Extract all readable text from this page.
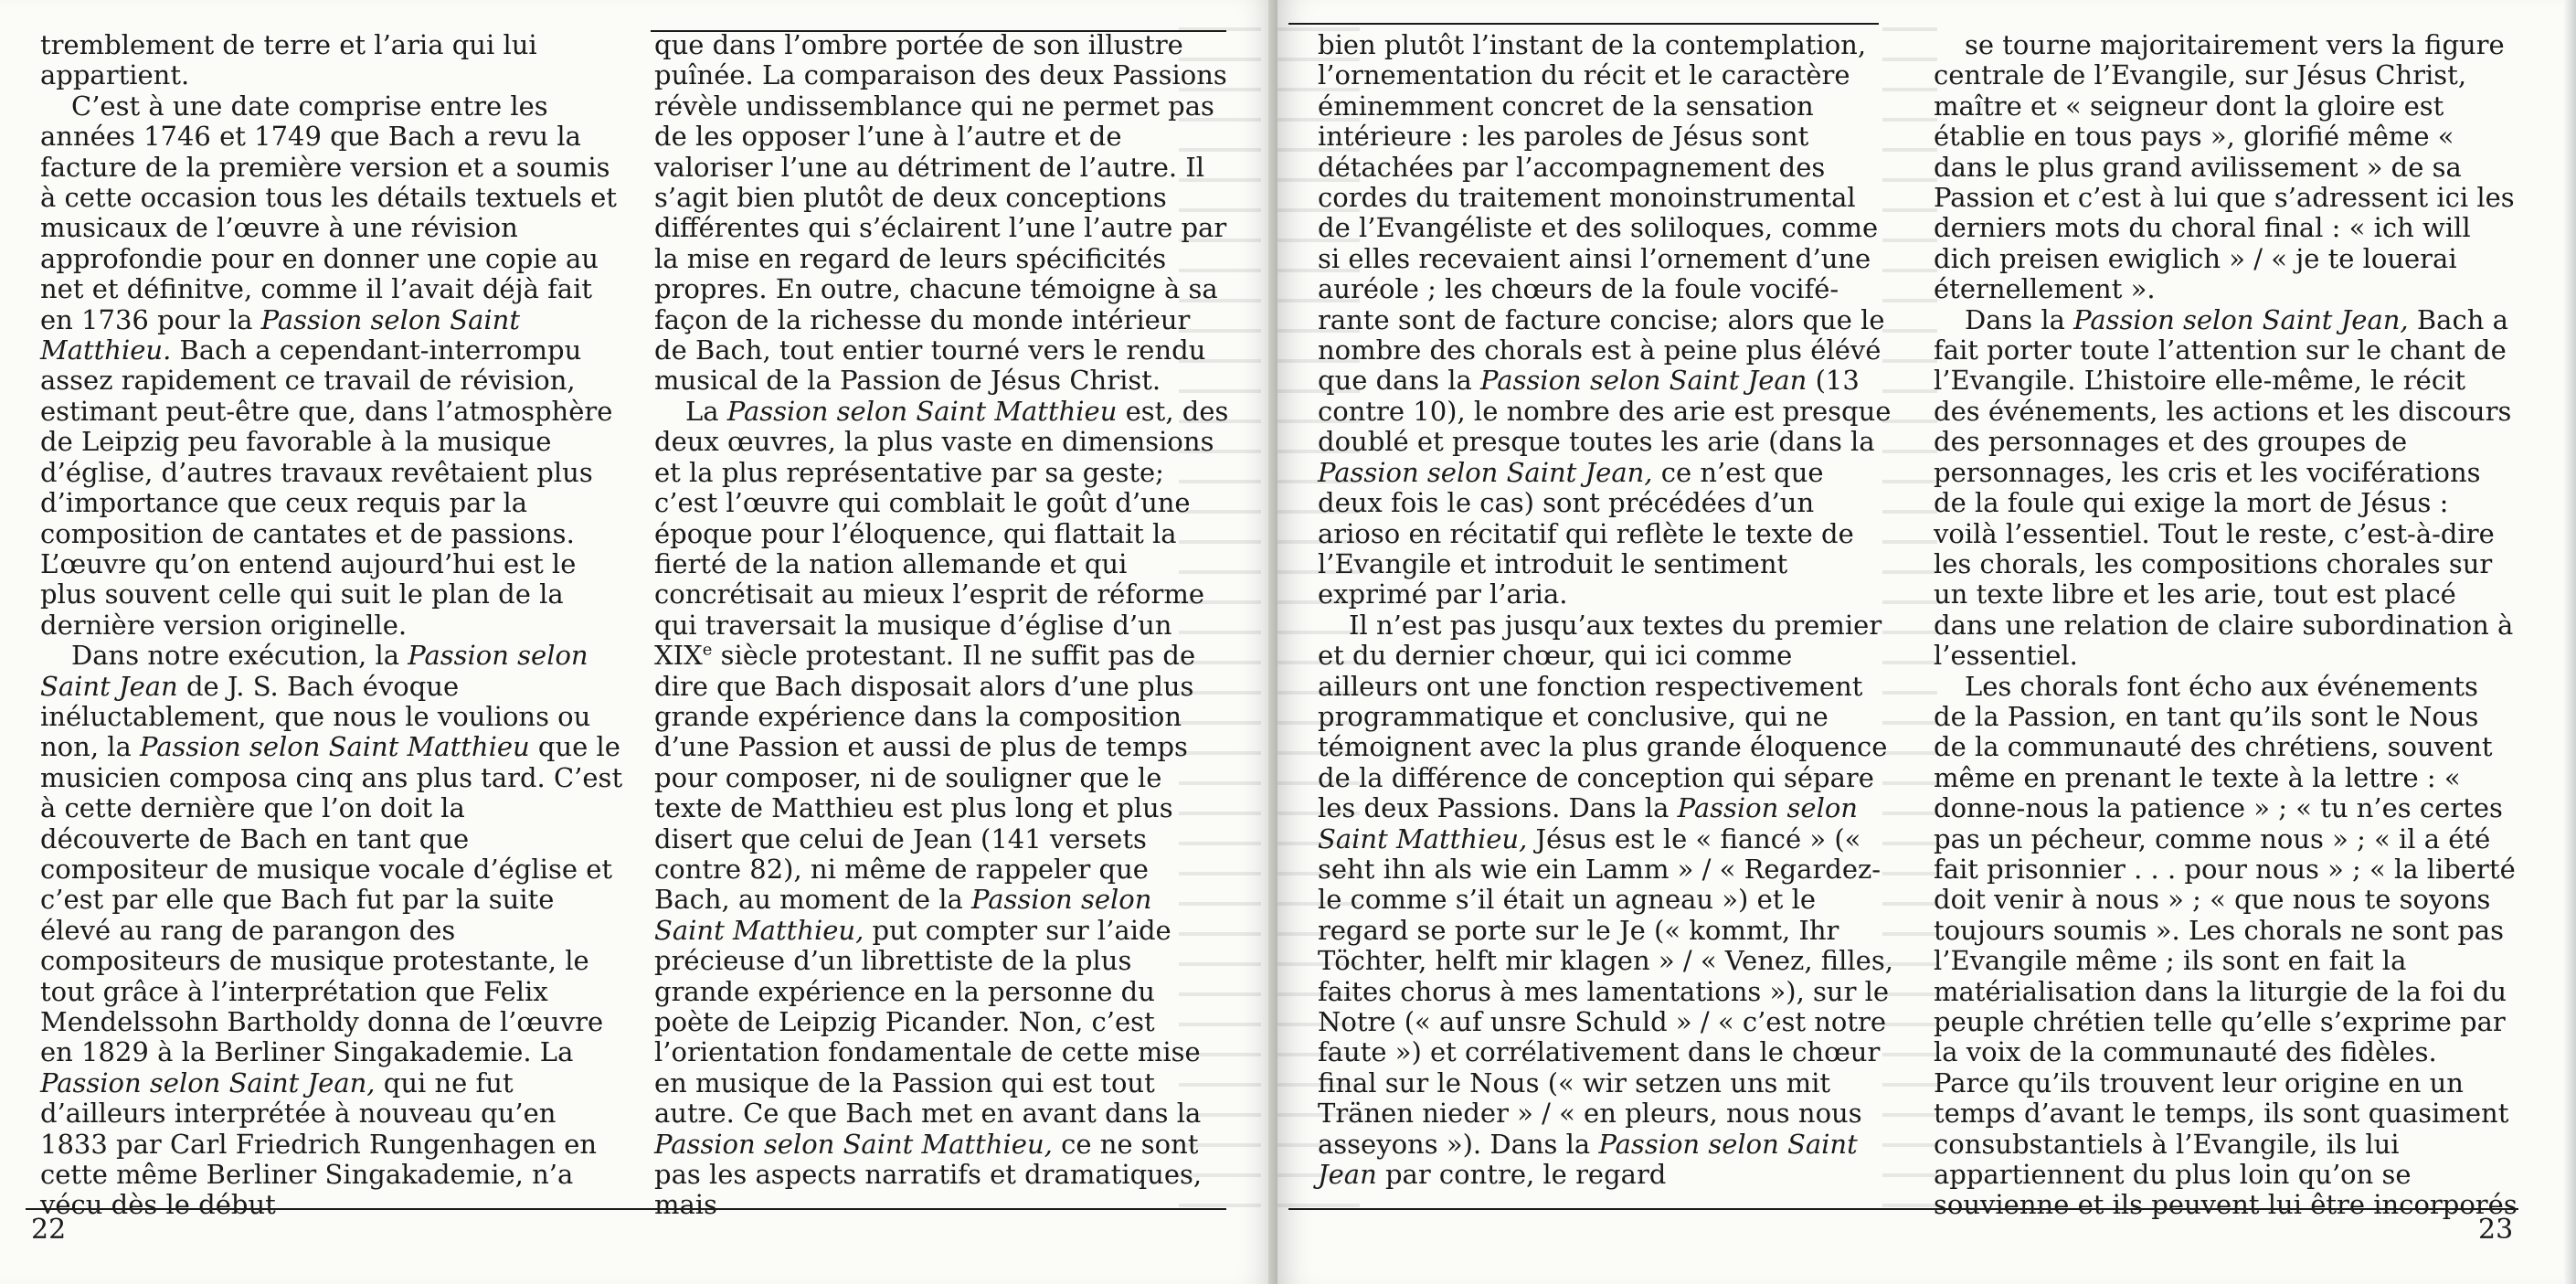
tremblement de terre et l’aria qui lui appartient.

C’est à une date comprise entre les années 1746 et 1749 que Bach a revu la facture de la première version et a soumis à cette occasion tous les détails textuels et musicaux de l’œuvre à une révision approfondie pour en donner une copie au net et définitve, comme il l’avait déjà fait en 1736 pour la Passion selon Saint Matthieu. Bach a cependant-interrompu assez rapidement ce travail de révision, estimant peut-être que, dans l’atmosphère de Leipzig peu favorable à la musique d’église, d’autres travaux revêtaient plus d’importance que ceux requis par la composition de cantates et de passions. L’œuvre qu’on entend aujourd’hui est le plus souvent celle qui suit le plan de la dernière version originelle.

Dans notre exécution, la Passion selon Saint Jean de J. S. Bach évoque inéluctablement, que nous le voulions ou non, la Passion selon Saint Matthieu que le musicien composa cinq ans plus tard. C’est à cette dernière que l’on doit la découverte de Bach en tant que compositeur de musique vocale d’église et c’est par elle que Bach fut par la suite élevé au rang de parangon des compositeurs de musique protestante, le tout grâce à l’interprétation que Felix Mendelssohn Bartholdy donna de l’œuvre en 1829 à la Berliner Singakademie. La Passion selon Saint Jean, qui ne fut d’ailleurs interprétée à nouveau qu’en 1833 par Carl Friedrich Rungenhagen en cette même Berliner Singakademie, n’a vécu dès le début

que dans l’ombre portée de son illustre puînée. La comparaison des deux Passions révèle undissemblance qui ne permet pas de les opposer l’une à l’autre et de valoriser l’une au détriment de l’autre. Il s’agit bien plutôt de deux conceptions différentes qui s’éclairent l’une l’autre par la mise en regard de leurs spécificités propres. En outre, chacune témoigne à sa façon de la richesse du monde intérieur de Bach, tout entier tourné vers le rendu musical de la Passion de Jésus Christ.

La Passion selon Saint Matthieu est, des deux œuvres, la plus vaste en dimensions et la plus représentative par sa geste; c’est l’œuvre qui comblait le goût d’une époque pour l’éloquence, qui flattait la fierté de la nation allemande et qui concrétisait au mieux l’esprit de réforme qui traversait la musique d’église d’un XIXe siècle protestant. Il ne suffit pas de dire que Bach disposait alors d’une plus grande expérience dans la composition d’une Passion et aussi de plus de temps pour composer, ni de souligner que le texte de Matthieu est plus long et plus disert que celui de Jean (141 versets contre 82), ni même de rappeler que Bach, au moment de la Passion selon Saint Matthieu, put compter sur l’aide précieuse d’un librettiste de la plus grande expérience en la personne du poète de Leipzig Picander. Non, c’est l’orientation fondamentale de cette mise en musique de la Passion qui est tout autre. Ce que Bach met en avant dans la Passion selon Saint Matthieu, ce ne sont pas les aspects narratifs et dramatiques, mais

22

bien plutôt l’instant de la contemplation, l’ornementation du récit et le caractère éminemment concret de la sensation intérieure : les paroles de Jésus sont détachées par l’accompagnement des cordes du traitement monoinstrumental de l’Evangéliste et des soliloques, comme si elles recevaient ainsi l’ornement d’une auréole ; les chœurs de la foule vociférante sont de facture concise; alors que le nombre des chorals est à peine plus élévé que dans la Passion selon Saint Jean (13 contre 10), le nombre des arie est presque doublé et presque toutes les arie (dans la Passion selon Saint Jean, ce n’est que deux fois le cas) sont précédées d’un arioso en récitatif qui reflète le texte de l’Evangile et introduit le sentiment exprimé par l’aria.

Il n’est pas jusqu’aux textes du premier et du dernier chœur, qui ici comme ailleurs ont une fonction respectivement programmatique et conclusive, qui ne témoignent avec la plus grande éloquence de la différence de conception qui sépare les deux Passions. Dans la Passion selon Saint Matthieu, Jésus est le « fiancé » (« seht ihn als wie ein Lamm » / « Regardez-le comme s’il était un agneau ») et le regard se porte sur le Je (« kommt, Ihr Töchter, helft mir klagen » / « Venez, filles, faites chorus à mes lamentations »), sur le Notre (« auf unsre Schuld » / « c’est notre faute ») et corrélativement dans le chœur final sur le Nous (« wir setzen uns mit Tränen nieder » / « en pleurs, nous nous asseyons »). Dans la Passion selon Saint Jean par contre, le regard

se tourne majoritairement vers la figure centrale de l’Evangile, sur Jésus Christ, maître et « seigneur dont la gloire est établie en tous pays », glorifié même « dans le plus grand avilissement » de sa Passion et c’est à lui que s’adressent ici les derniers mots du choral final : « ich will dich preisen ewiglich » / « je te louerai éternellement ».

Dans la Passion selon Saint Jean, Bach a fait porter toute l’attention sur le chant de l’Evangile. L’histoire elle-même, le récit des événements, les actions et les discours des personnages et des groupes de personnages, les cris et les vociférations de la foule qui exige la mort de Jésus : voilà l’essentiel. Tout le reste, c’est-à-dire les chorals, les compositions chorales sur un texte libre et les arie, tout est placé dans une relation de claire subordination à l’essentiel.

Les chorals font écho aux événements de la Passion, en tant qu’ils sont le Nous de la communauté des chrétiens, souvent même en prenant le texte à la lettre : « donne-nous la patience » ; « tu n’es certes pas un pécheur, comme nous » ; « il a été fait prisonnier . . . pour nous » ; « la liberté doit venir à nous » ; « que nous te soyons toujours soumis ». Les chorals ne sont pas l’Evangile même ; ils sont en fait la matérialisation dans la liturgie de la foi du peuple chrétien telle qu’elle s’exprime par la voix de la communauté des fidèles. Parce qu’ils trouvent leur origine en un temps d’avant le temps, ils sont quasiment consubstantiels à l’Evangile, ils lui appartiennent du plus loin qu’on se souvienne et ils peuvent lui être incorporés

23
